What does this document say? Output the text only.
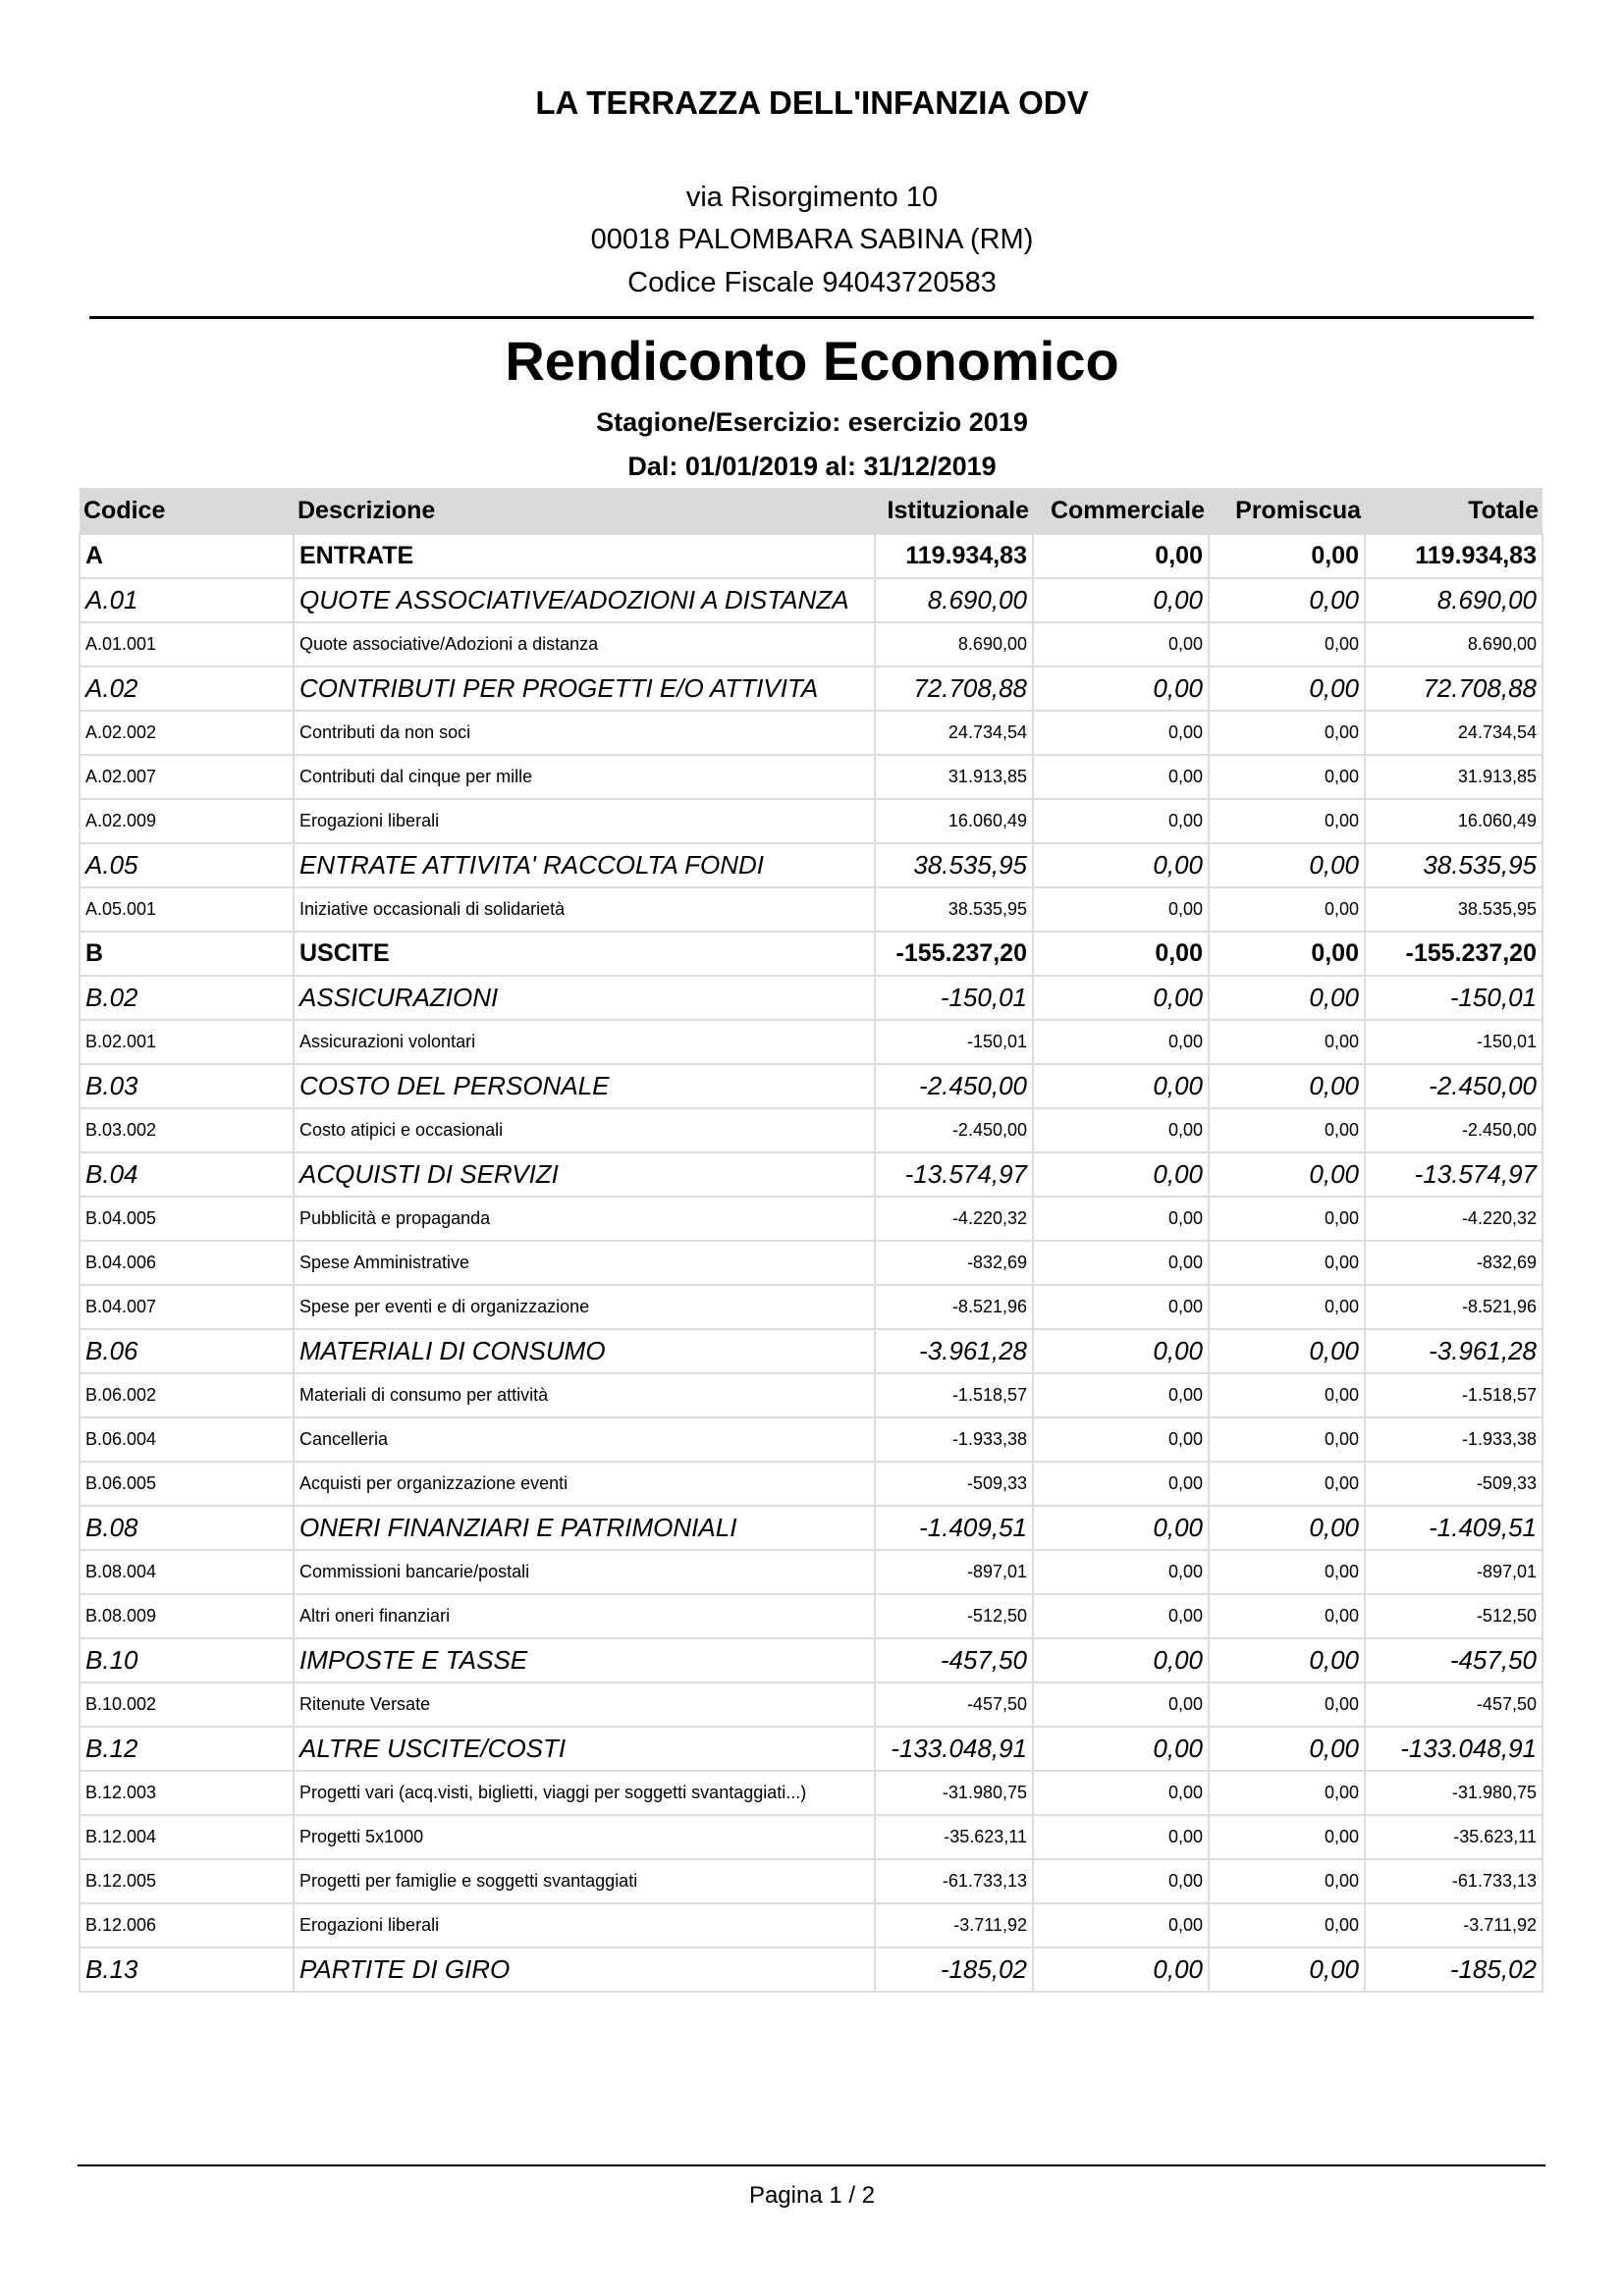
LA TERRAZZA DELL'INFANZIA ODV
via Risorgimento 10
00018 PALOMBARA SABINA (RM)
Codice Fiscale 94043720583
Rendiconto Economico
Stagione/Esercizio: esercizio 2019
Dal: 01/01/2019 al: 31/12/2019
Codice	Descrizione	Istituzionale	Commerciale	Promiscua	Totale
A	ENTRATE	119.934,83	0,00	0,00	119.934,83
A.01	QUOTE ASSOCIATIVE/ADOZIONI A DISTANZA	8.690,00	0,00	0,00	8.690,00
A.01.001	Quote associative/Adozioni a distanza	8.690,00	0,00	0,00	8.690,00
A.02	CONTRIBUTI PER PROGETTI E/O ATTIVITA	72.708,88	0,00	0,00	72.708,88
A.02.002	Contributi da non soci	24.734,54	0,00	0,00	24.734,54
A.02.007	Contributi dal cinque per mille	31.913,85	0,00	0,00	31.913,85
A.02.009	Erogazioni liberali	16.060,49	0,00	0,00	16.060,49
A.05	ENTRATE ATTIVITA' RACCOLTA FONDI	38.535,95	0,00	0,00	38.535,95
A.05.001	Iniziative occasionali di solidarietà	38.535,95	0,00	0,00	38.535,95
B	USCITE	-155.237,20	0,00	0,00	-155.237,20
B.02	ASSICURAZIONI	-150,01	0,00	0,00	-150,01
B.02.001	Assicurazioni volontari	-150,01	0,00	0,00	-150,01
B.03	COSTO DEL PERSONALE	-2.450,00	0,00	0,00	-2.450,00
B.03.002	Costo atipici e occasionali	-2.450,00	0,00	0,00	-2.450,00
B.04	ACQUISTI DI SERVIZI	-13.574,97	0,00	0,00	-13.574,97
B.04.005	Pubblicità e propaganda	-4.220,32	0,00	0,00	-4.220,32
B.04.006	Spese Amministrative	-832,69	0,00	0,00	-832,69
B.04.007	Spese per eventi e di organizzazione	-8.521,96	0,00	0,00	-8.521,96
B.06	MATERIALI DI CONSUMO	-3.961,28	0,00	0,00	-3.961,28
B.06.002	Materiali di consumo per attività	-1.518,57	0,00	0,00	-1.518,57
B.06.004	Cancelleria	-1.933,38	0,00	0,00	-1.933,38
B.06.005	Acquisti per organizzazione eventi	-509,33	0,00	0,00	-509,33
B.08	ONERI FINANZIARI E PATRIMONIALI	-1.409,51	0,00	0,00	-1.409,51
B.08.004	Commissioni bancarie/postali	-897,01	0,00	0,00	-897,01
B.08.009	Altri oneri finanziari	-512,50	0,00	0,00	-512,50
B.10	IMPOSTE E TASSE	-457,50	0,00	0,00	-457,50
B.10.002	Ritenute Versate	-457,50	0,00	0,00	-457,50
B.12	ALTRE USCITE/COSTI	-133.048,91	0,00	0,00	-133.048,91
B.12.003	Progetti vari (acq.visti, biglietti, viaggi per soggetti svantaggiati...)	-31.980,75	0,00	0,00	-31.980,75
B.12.004	Progetti 5x1000	-35.623,11	0,00	0,00	-35.623,11
B.12.005	Progetti per famiglie e soggetti svantaggiati	-61.733,13	0,00	0,00	-61.733,13
B.12.006	Erogazioni liberali	-3.711,92	0,00	0,00	-3.711,92
B.13	PARTITE DI GIRO	-185,02	0,00	0,00	-185,02
Pagina 1 / 2
